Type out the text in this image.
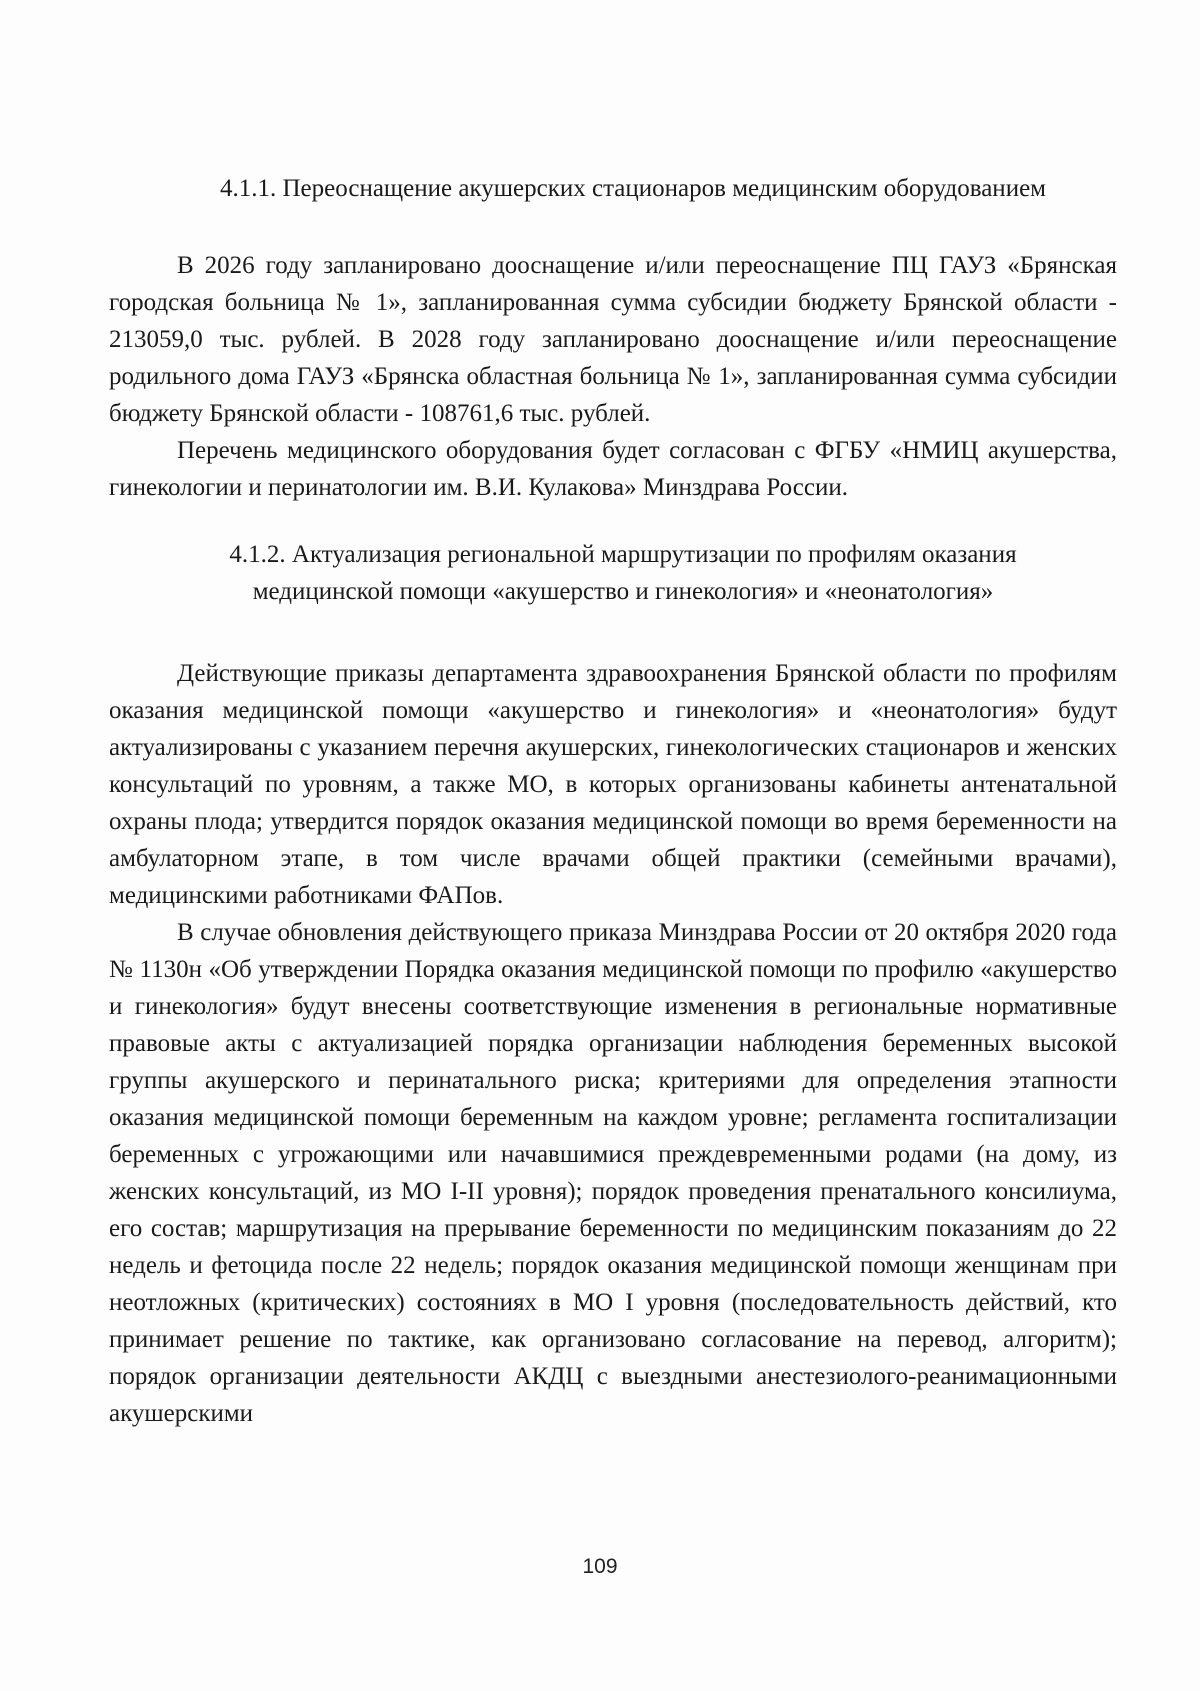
4.1.1. Переоснащение акушерских стационаров медицинским оборудованием

В 2026 году запланировано дооснащение и/или переоснащение ПЦ ГАУЗ «Брянская городская больница № 1», запланированная сумма субсидии бюджету Брянской области - 213059,0 тыс. рублей. В 2028 году запланировано дооснащение и/или переоснащение родильного дома ГАУЗ «Брянска областная больница № 1», запланированная сумма субсидии бюджету Брянской области - 108761,6 тыс. рублей.

Перечень медицинского оборудования будет согласован с ФГБУ «НМИЦ акушерства, гинекологии и перинатологии им. В.И. Кулакова» Минздрава России.

4.1.2. Актуализация региональной маршрутизации по профилям оказания
медицинской помощи «акушерство и гинекология» и «неонатология»

Действующие приказы департамента здравоохранения Брянской области по профилям оказания медицинской помощи «акушерство и гинекология» и «неонатология» будут актуализированы с указанием перечня акушерских, гинекологических стационаров и женских консультаций по уровням, а также МО, в которых организованы кабинеты антенатальной охраны плода; утвердится порядок оказания медицинской помощи во время беременности на амбулаторном этапе, в том числе врачами общей практики (семейными врачами), медицинскими работниками ФАПов.

В случае обновления действующего приказа Минздрава России от 20 октября 2020 года № 1130н «Об утверждении Порядка оказания медицинской помощи по профилю «акушерство и гинекология» будут внесены соответствующие изменения в региональные нормативные правовые акты с актуализацией порядка организации наблюдения беременных высокой группы акушерского и перинатального риска; критериями для определения этапности оказания медицинской помощи беременным на каждом уровне; регламента госпитализации беременных с угрожающими или начавшимися преждевременными родами (на дому, из женских консультаций, из МО I-II уровня); порядок проведения пренатального консилиума, его состав; маршрутизация на прерывание беременности по медицинским показаниям до 22 недель и фетоцида после 22 недель; порядок оказания медицинской помощи женщинам при неотложных (критических) состояниях в МО I уровня (последовательность действий, кто принимает решение по тактике, как организовано согласование на перевод, алгоритм); порядок организации деятельности АКДЦ с выездными анестезиолого-реанимационными акушерскими

109
